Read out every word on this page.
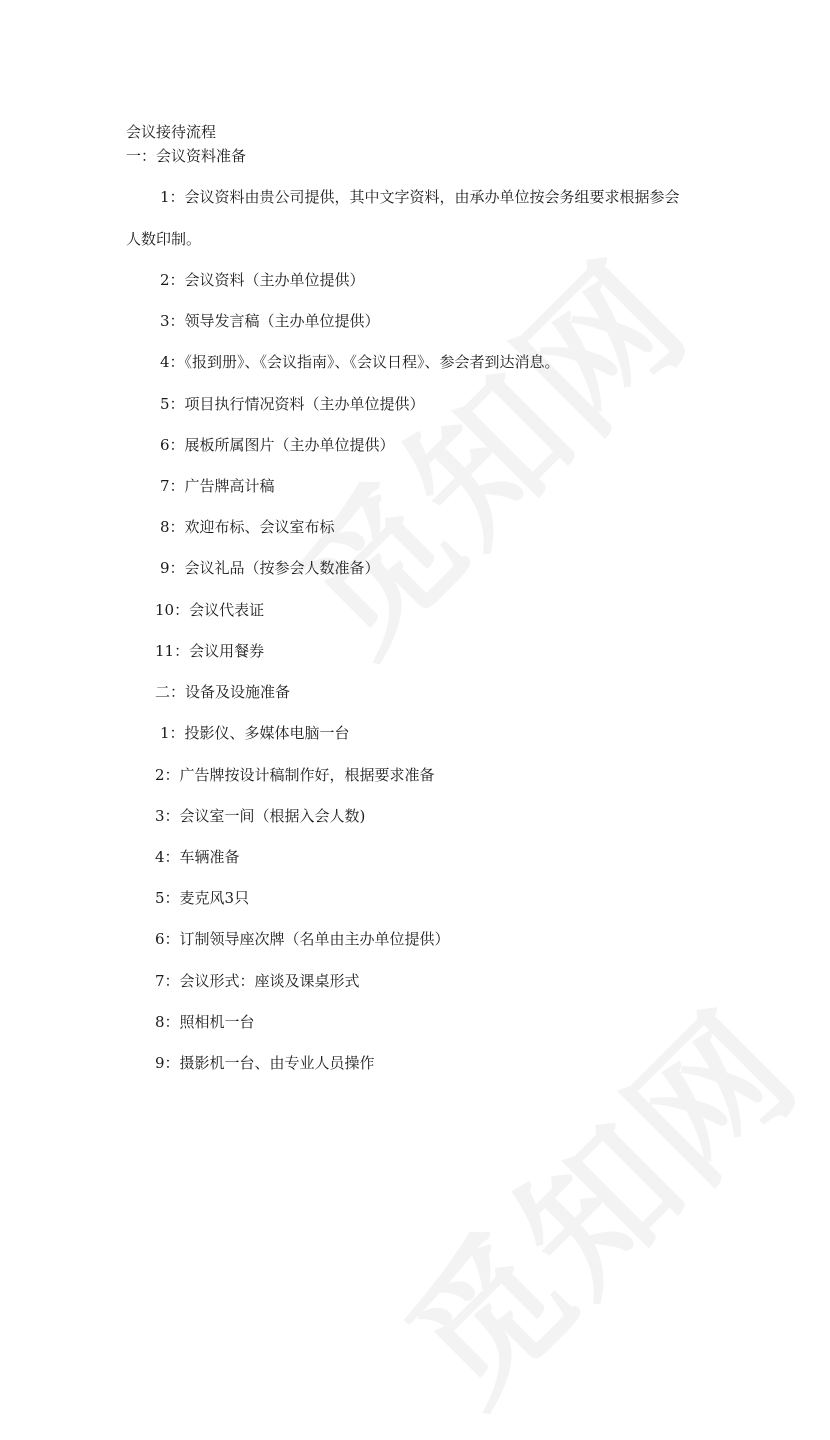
会议接待流程
一：会议资料准备
1：会议资料由贵公司提供，其中文字资料，由承办单位按会务组要求根据参会
人数印制。
2：会议资料（主办单位提供）
3：领导发言稿（主办单位提供）
4：《报到册》、《会议指南》、《会议日程》、参会者到达消息。
5：项目执行情况资料（主办单位提供）
6：展板所属图片（主办单位提供）
7：广告牌高计稿
8：欢迎布标、会议室布标
9：会议礼品（按参会人数准备）
10：会议代表证
11：会议用餐券
二：设备及设施准备
1：投影仪、多媒体电脑一台
2：广告牌按设计稿制作好，根据要求准备
3：会议室一间（根据入会人数)
4：车辆准备
5：麦克风3只
6：订制领导座次牌（名单由主办单位提供）
7：会议形式：座谈及课桌形式
8：照相机一台
9：摄影机一台、由专业人员操作
